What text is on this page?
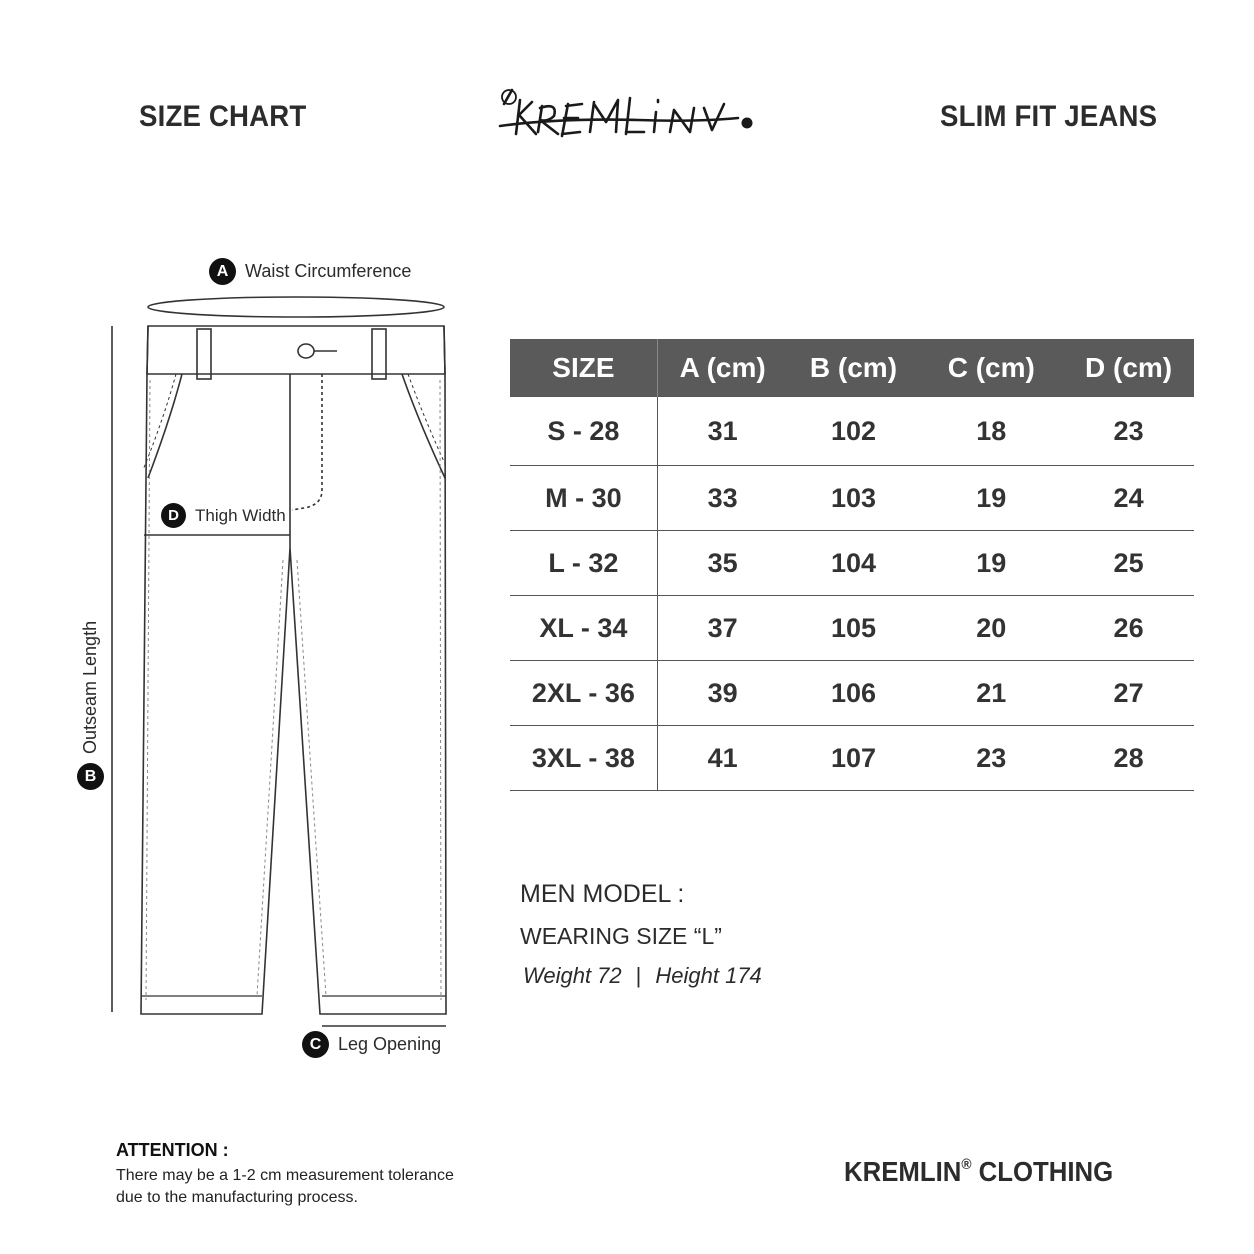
SIZE CHART	SLIM FIT JEANS
A Waist Circumference
D Thigh Width
C Leg Opening
B
Outseam Length
SIZE	A (cm)	B (cm)	C (cm)	D (cm)
S - 28	31	102	18	23
M - 30	33	103	19	24
L - 32	35	104	19	25
XL - 34	37	105	20	26
2XL - 36	39	106	21	27
3XL - 38	41	107	23	28
MEN MODEL :
WEARING SIZE “L”
Weight 72 | Height 174
ATTENTION :
There may be a 1-2 cm measurement tolerance
due to the manufacturing process.
KREMLIN® CLOTHING
